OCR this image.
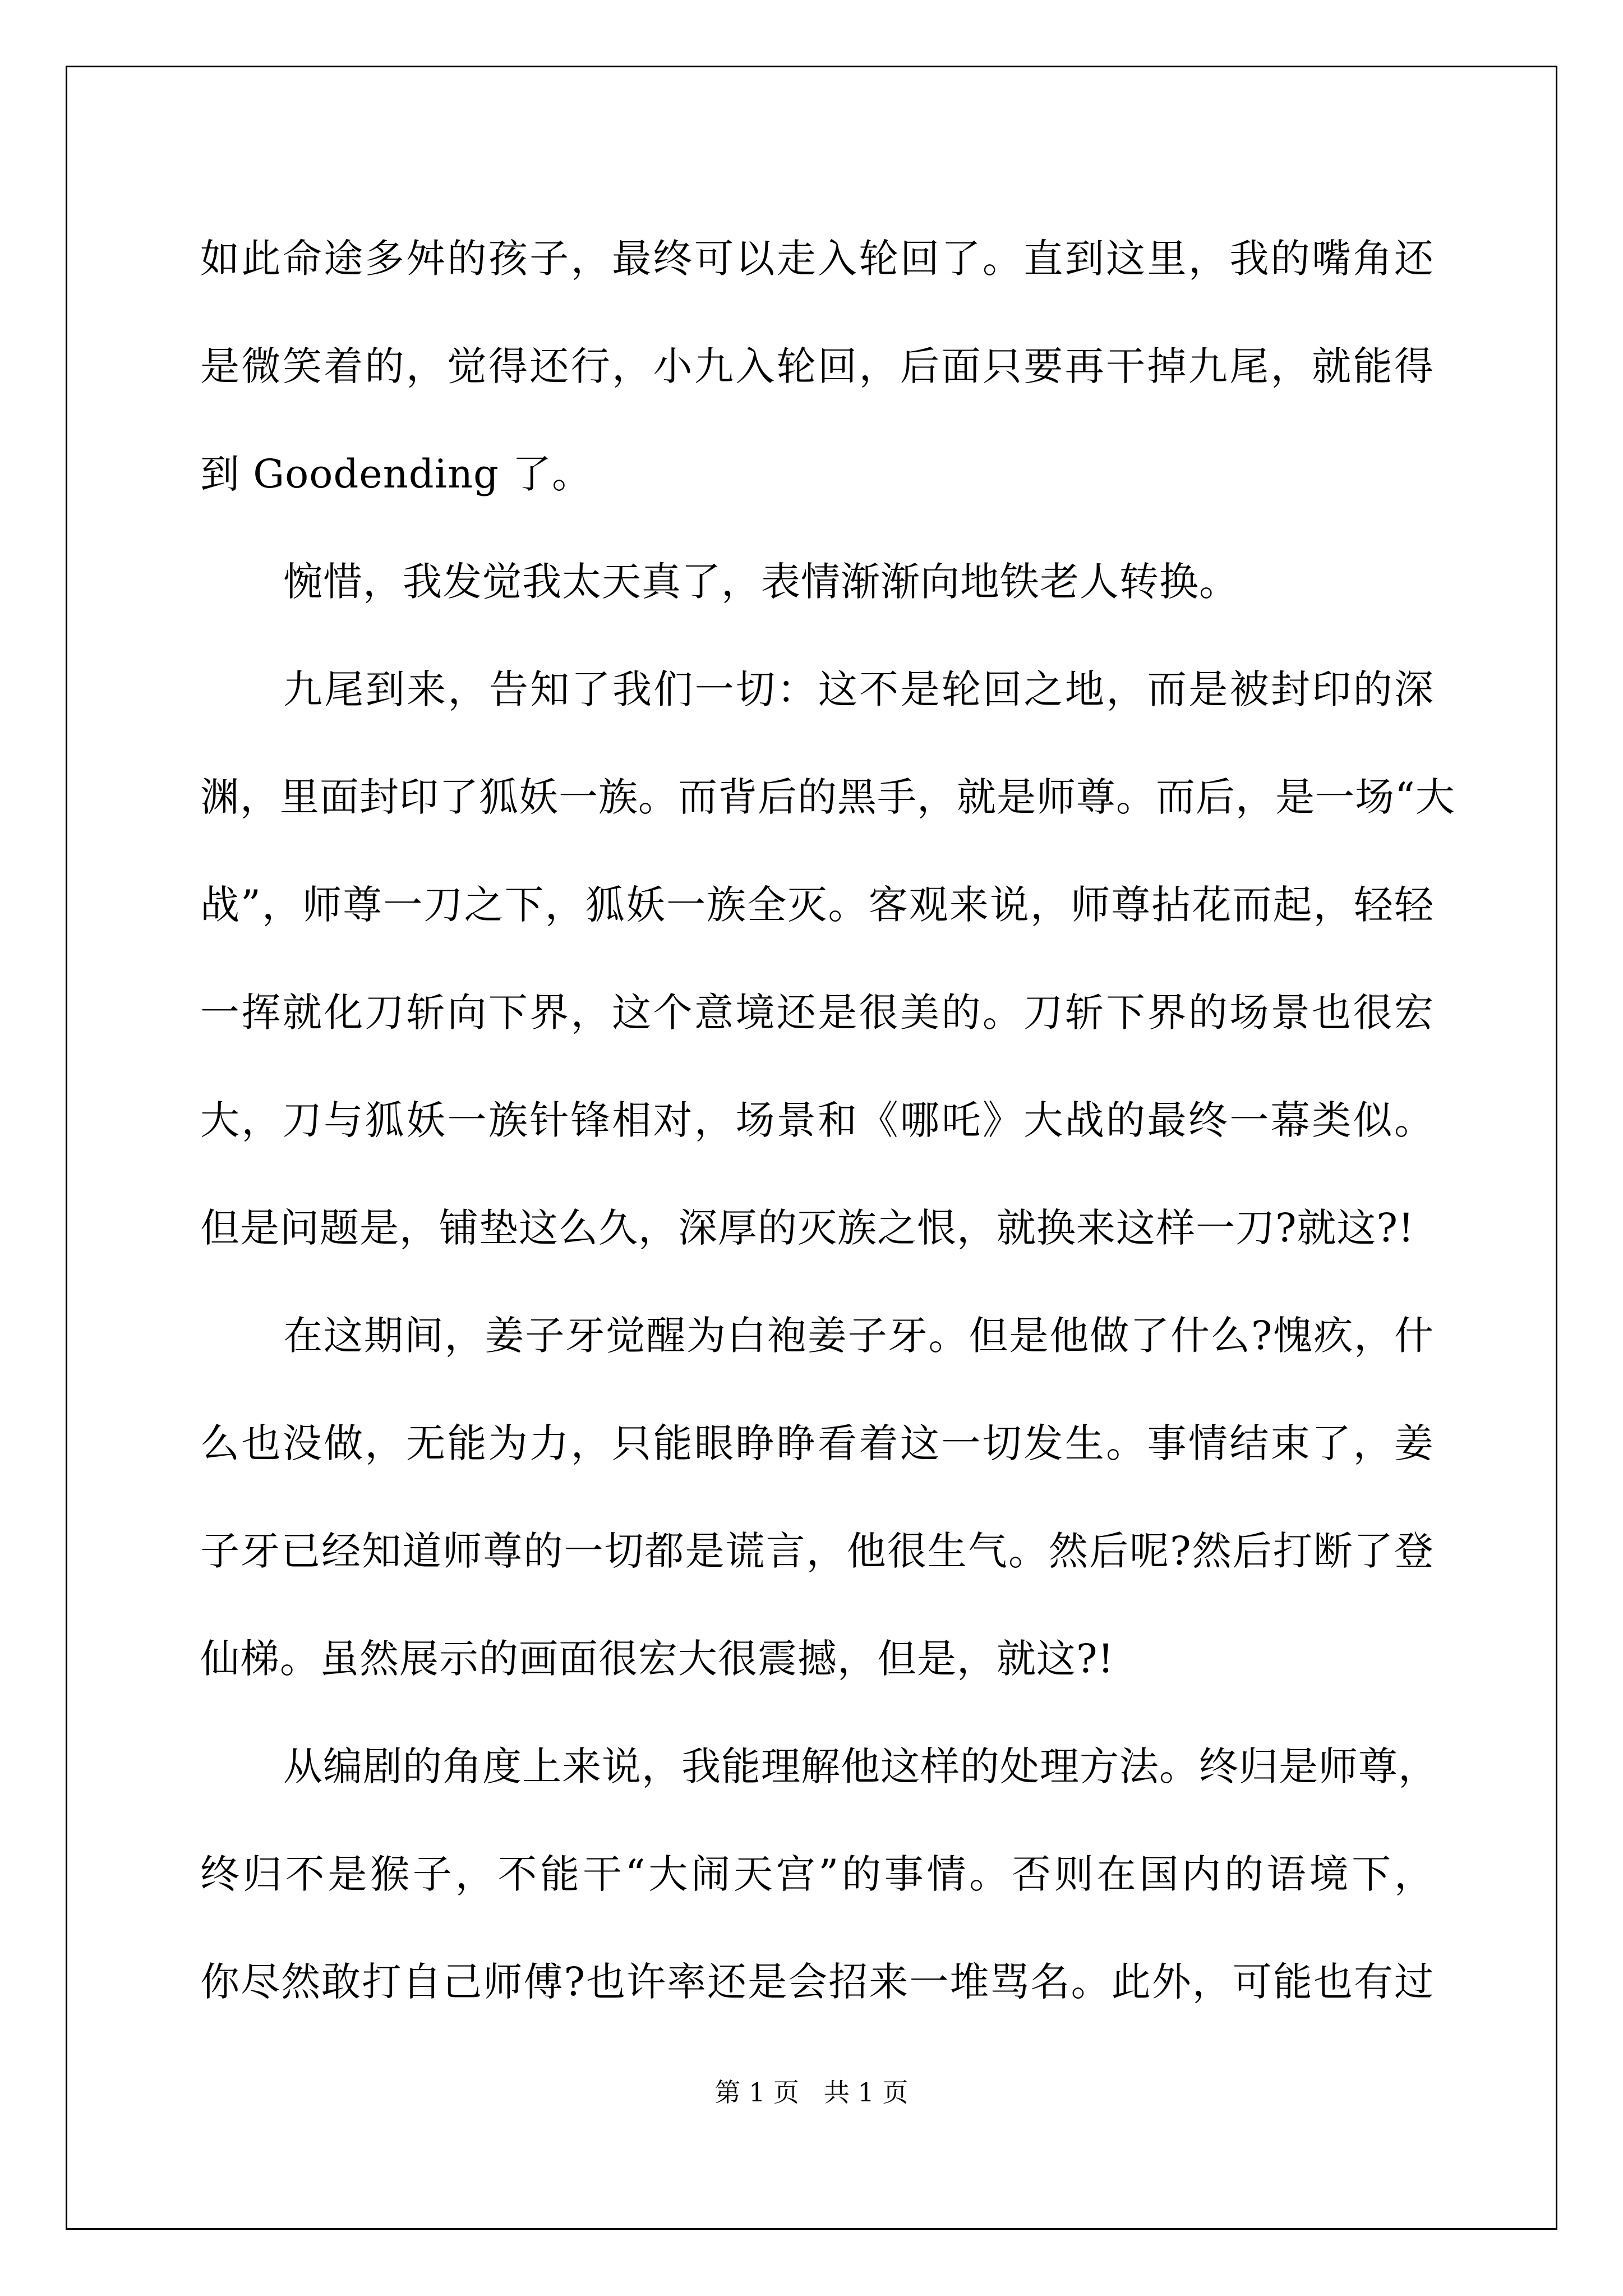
如此命途多舛的孩子，最终可以走入轮回了。直到这里，我的嘴角还
是微笑着的，觉得还行，小九入轮回，后面只要再干掉九尾，就能得
到 Goodending 了。
惋惜，我发觉我太天真了，表情渐渐向地铁老人转换。
九尾到来，告知了我们一切：这不是轮回之地，而是被封印的深
渊，里面封印了狐妖一族。而背后的黑手，就是师尊。而后，是一场“大
战”，师尊一刀之下，狐妖一族全灭。客观来说，师尊拈花而起，轻轻
一挥就化刀斩向下界，这个意境还是很美的。刀斩下界的场景也很宏
大，刀与狐妖一族针锋相对，场景和《哪吒》大战的最终一幕类似。
但是问题是，铺垫这么久，深厚的灭族之恨，就换来这样一刀?就这?!
在这期间，姜子牙觉醒为白袍姜子牙。但是他做了什么?愧疚，什
么也没做，无能为力，只能眼睁睁看着这一切发生。事情结束了，姜
子牙已经知道师尊的一切都是谎言，他很生气。然后呢?然后打断了登
仙梯。虽然展示的画面很宏大很震撼，但是，就这?!
从编剧的角度上来说，我能理解他这样的处理方法。终归是师尊，
终归不是猴子，不能干“大闹天宫”的事情。否则在国内的语境下，
你尽然敢打自己师傅?也许率还是会招来一堆骂名。此外，可能也有过
第 1 页 共 1 页
